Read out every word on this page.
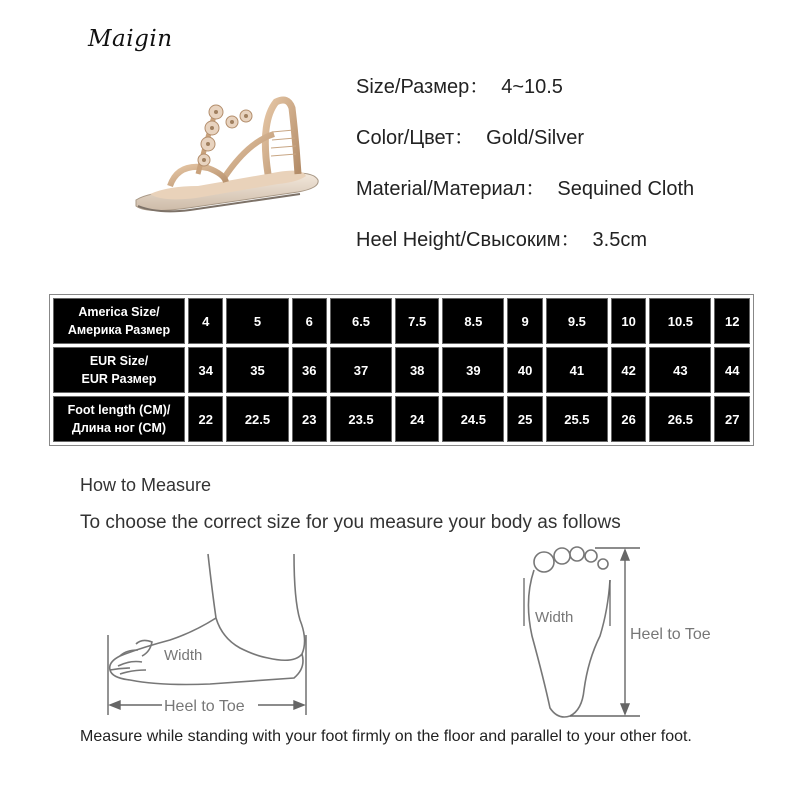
Maigin
Size/Размер： 4~10.5
Color/Цвет： Gold/Silver
Material/Материал： Sequined Cloth
Heel Height/Свысоким： 3.5cm
America Size/
Америка Размер	4	5	6	6.5	7.5	8.5	9	9.5	10	10.5	12

EUR Size/
EUR Размер	34	35	36	37	38	39	40	41	42	43	44

Foot length (CM)/
Длина ног (CM)	22	22.5	23	23.5	24	24.5	25	25.5	26	26.5	27
How to Measure
To choose the correct size for you measure your body as follows
Heel to Toe
Width
Width
Heel to Toe
Measure while standing with your foot firmly on the floor and parallel to your other foot.
